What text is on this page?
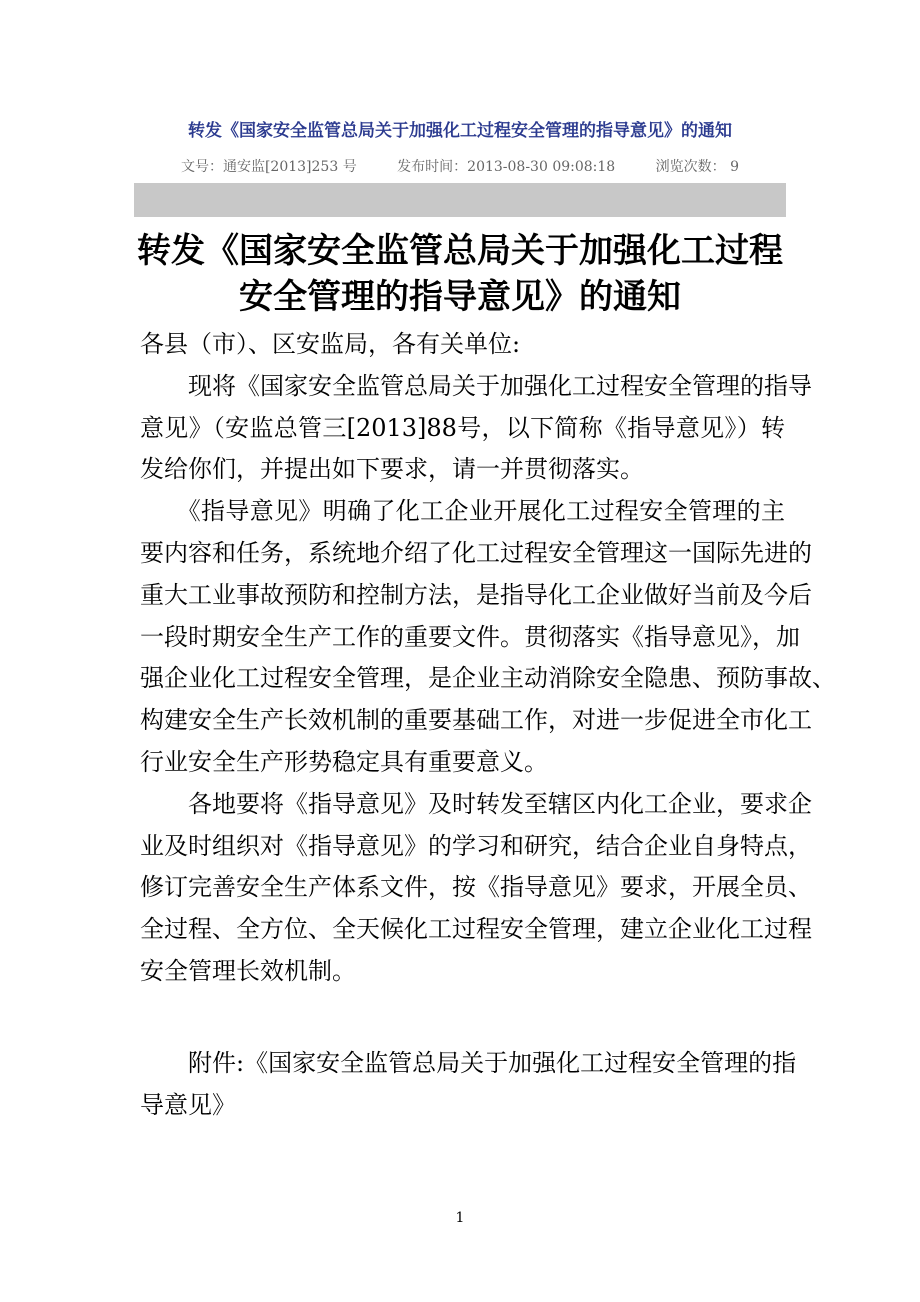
转发《国家安全监管总局关于加强化工过程安全管理的指导意见》的通知
文号：通安监[2013]253 号	发布时间：2013-08-30 09:08:18	浏览次数： 9
转发《国家安全监管总局关于加强化工过程
安全管理的指导意见》的通知
各县（市）、区安监局，各有关单位:
　　现将《国家安全监管总局关于加强化工过程安全管理的指导
意见》（安监总管三[2013]88号，以下简称《指导意见》）转
发给你们，并提出如下要求，请一并贯彻落实。
　　《指导意见》明确了化工企业开展化工过程安全管理的主
要内容和任务，系统地介绍了化工过程安全管理这一国际先进的
重大工业事故预防和控制方法，是指导化工企业做好当前及今后
一段时期安全生产工作的重要文件。贯彻落实《指导意见》，加
强企业化工过程安全管理，是企业主动消除安全隐患、预防事故、
构建安全生产长效机制的重要基础工作，对进一步促进全市化工
行业安全生产形势稳定具有重要意义。
　　各地要将《指导意见》及时转发至辖区内化工企业，要求企
业及时组织对《指导意见》的学习和研究，结合企业自身特点，
修订完善安全生产体系文件，按《指导意见》要求，开展全员、
全过程、全方位、全天候化工过程安全管理，建立企业化工过程
安全管理长效机制。
　　附件:《国家安全监管总局关于加强化工过程安全管理的指
导意见》
1
